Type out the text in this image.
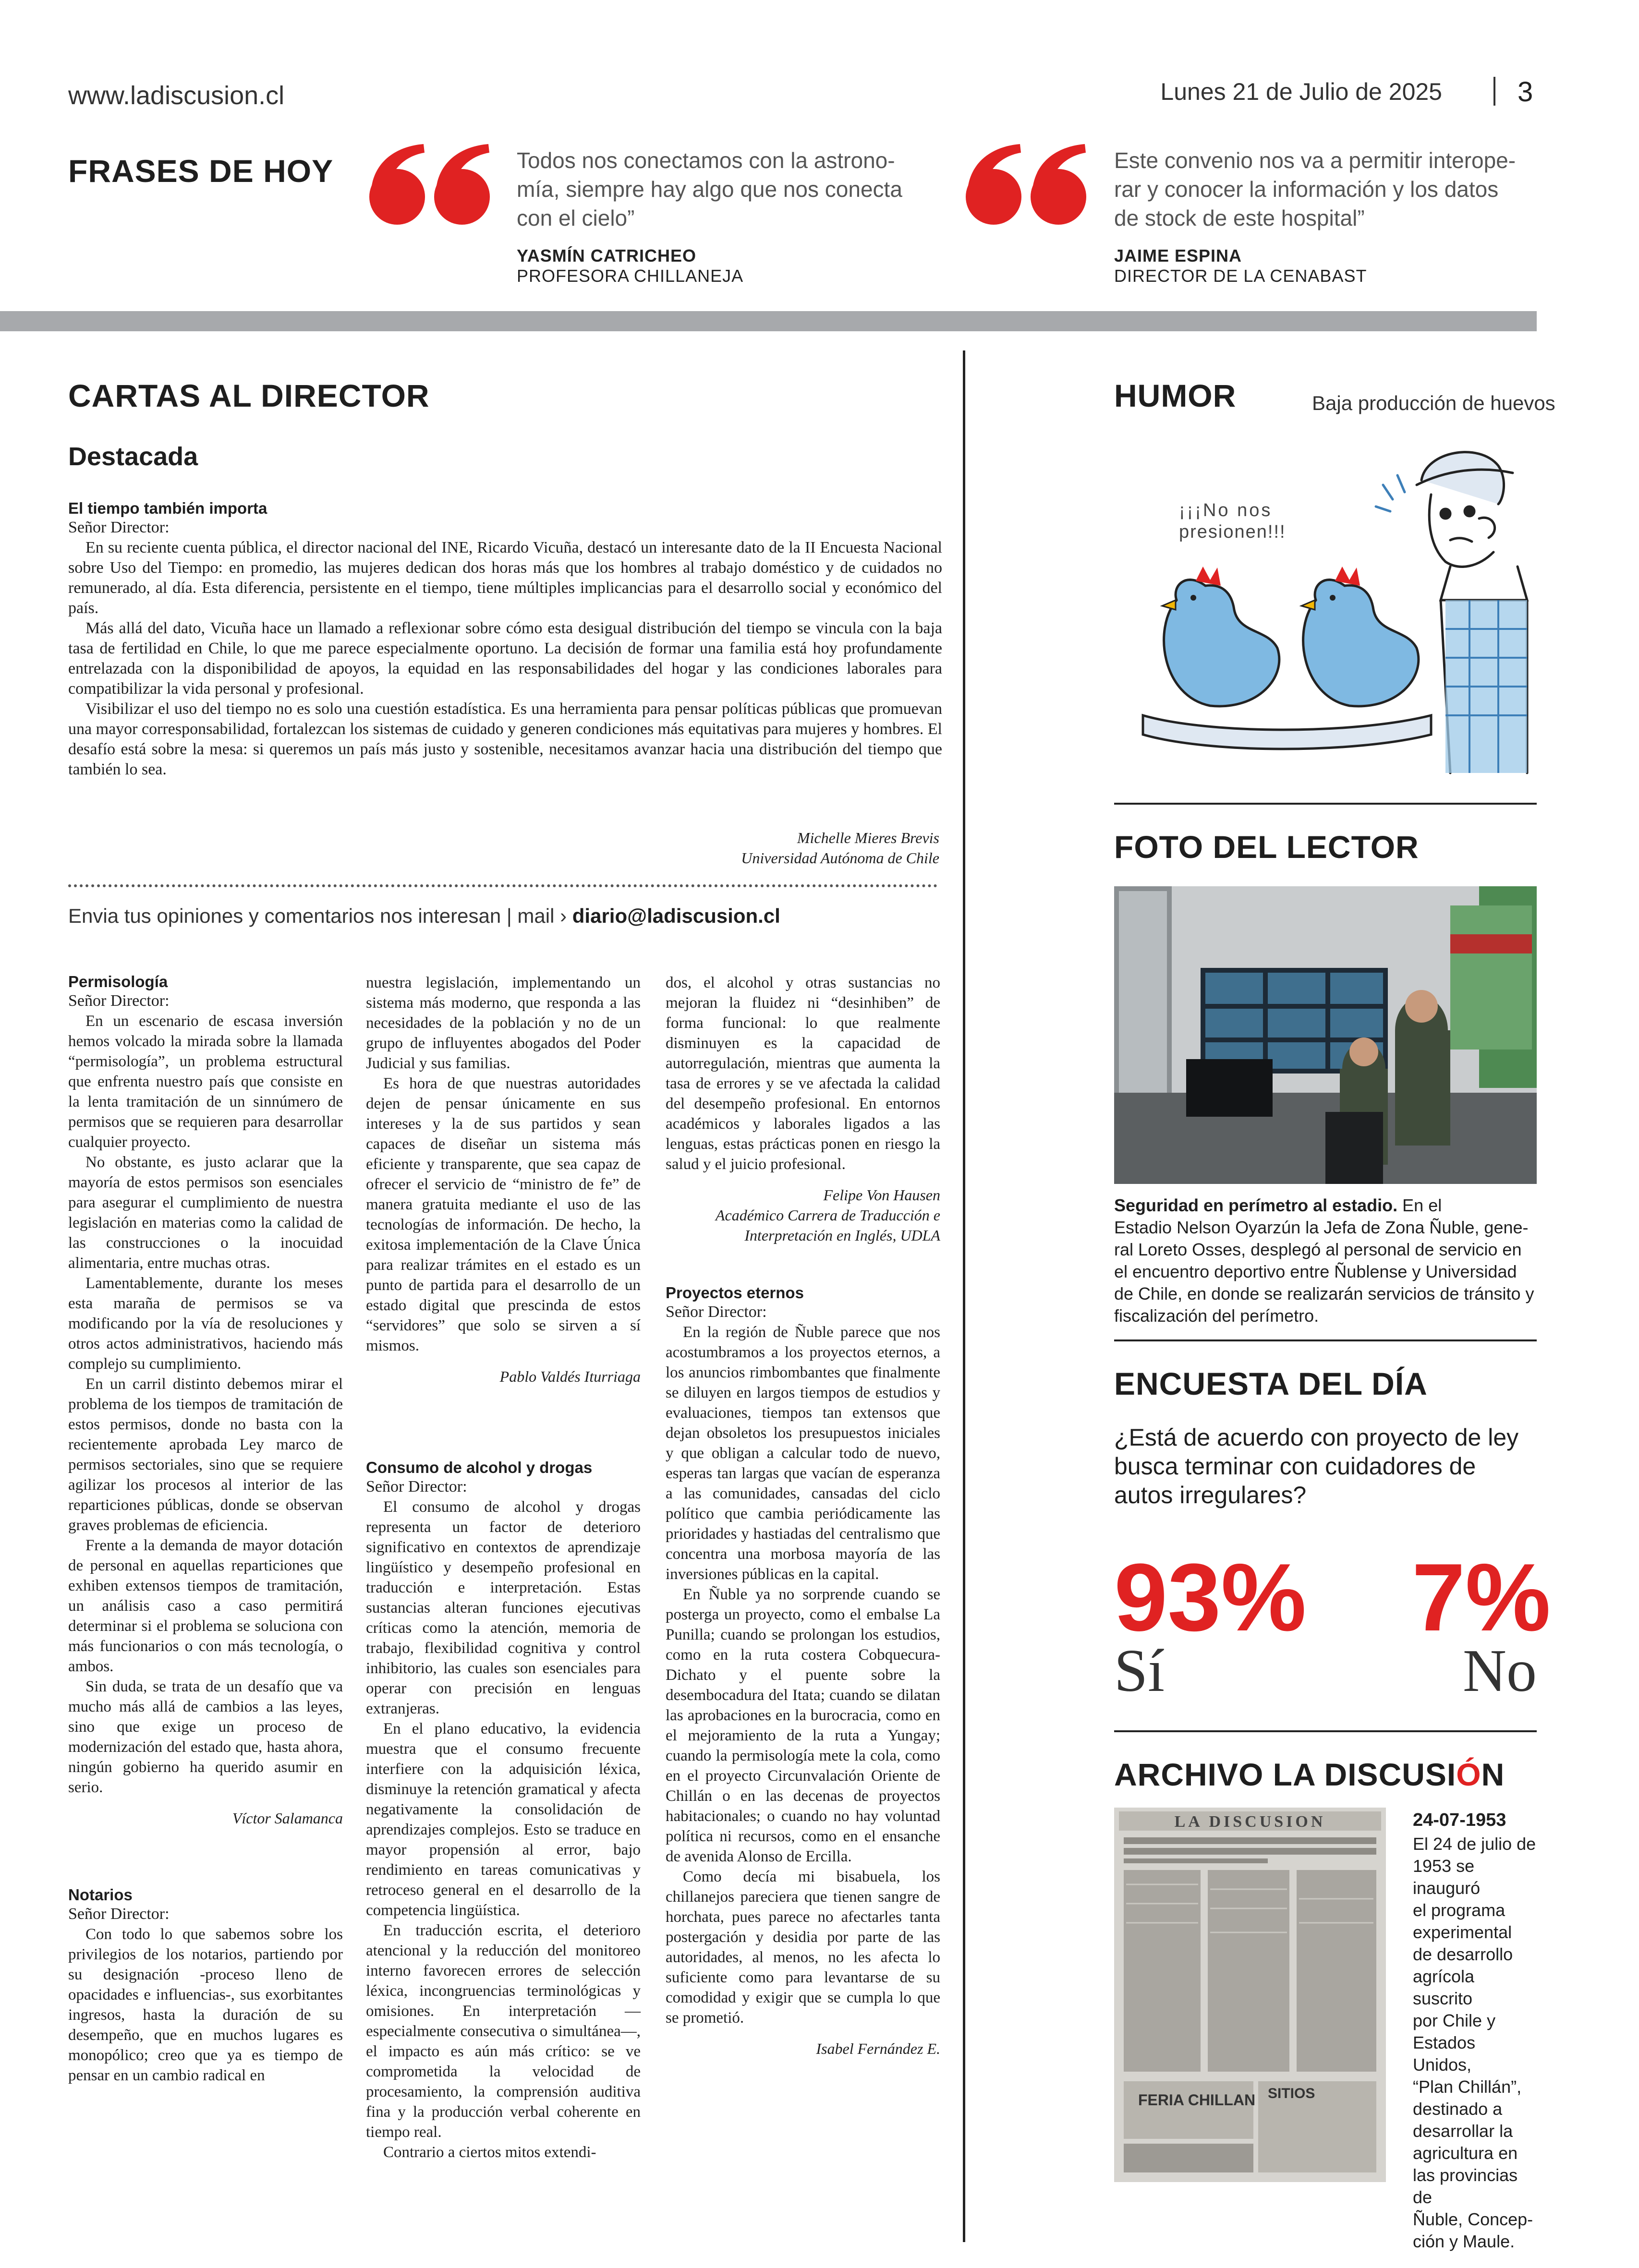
www.ladiscusion.cl	Lunes 21 de Julio de 2025	3
FRASES DE HOY	Todos nos conectamos con la astrono-
mía, siempre hay algo que nos conecta
con el cielo”
YASMÍN CATRICHEO
PROFESORA CHILLANEJA
Este convenio nos va a permitir interope-
rar y conocer la información y los datos
de stock de este hospital”
JAIME ESPINA
DIRECTOR DE LA CENABAST
CARTAS AL DIRECTOR
Destacada
El tiempo también importa
Señor Director:

En su reciente cuenta pública, el director nacional del INE, Ricardo Vicuña, destacó un interesante dato de la II Encuesta Nacional sobre Uso del Tiempo: en promedio, las mujeres dedican dos horas más que los hombres al trabajo doméstico y de cuidados no remunerado, al día. Esta diferencia, persistente en el tiempo, tiene múltiples implicancias para el desarrollo social y económico del país.

Más allá del dato, Vicuña hace un llamado a reflexionar sobre cómo esta desigual distribución del tiempo se vincula con la baja tasa de fertilidad en Chile, lo que me parece especialmente oportuno. La decisión de formar una familia está hoy profundamente entrelazada con la disponibilidad de apoyos, la equidad en las responsabilidades del hogar y las condiciones laborales para compatibilizar la vida personal y profesional.

Visibilizar el uso del tiempo no es solo una cuestión estadística. Es una herramienta para pensar políticas públicas que promuevan una mayor corresponsabilidad, fortalezcan los sistemas de cuidado y generen condiciones más equitativas para mujeres y hombres. El desafío está sobre la mesa: si queremos un país más justo y sostenible, necesitamos avanzar hacia una distribución del tiempo que también lo sea.

Michelle Mieres Brevis
Universidad Autónoma de Chile
Envia tus opiniones y comentarios nos interesan | mail › diario@ladiscusion.cl
Permisología
Señor Director:

En un escenario de escasa inversión hemos volcado la mirada sobre la llamada “permisología”, un problema estructural que enfrenta nuestro país que consiste en la lenta tramitación de un sinnúmero de permisos que se requieren para desarrollar cualquier proyecto.

No obstante, es justo aclarar que la mayoría de estos permisos son esenciales para asegurar el cumplimiento de nuestra legislación en materias como la calidad de las construcciones o la inocuidad alimentaria, entre muchas otras.

Lamentablemente, durante los meses esta maraña de permisos se va modificando por la vía de resoluciones y otros actos administrativos, haciendo más complejo su cumplimiento.

En un carril distinto debemos mirar el problema de los tiempos de tramitación de estos permisos, donde no basta con la recientemente aprobada Ley marco de permisos sectoriales, sino que se requiere agilizar los procesos al interior de las reparticiones públicas, donde se observan graves problemas de eficiencia.

Frente a la demanda de mayor dotación de personal en aquellas reparticiones que exhiben extensos tiempos de tramitación, un análisis caso a caso permitirá determinar si el problema se soluciona con más funcionarios o con más tecnología, o ambos.

Sin duda, se trata de un desafío que va mucho más allá de cambios a las leyes, sino que exige un proceso de modernización del estado que, hasta ahora, ningún gobierno ha querido asumir en serio.

Víctor Salamanca
Notarios
Señor Director:

Con todo lo que sabemos sobre los privilegios de los notarios, partiendo por su designación -proceso lleno de opacidades e influencias-, sus exorbitantes ingresos, hasta la duración de su desempeño, que en muchos lugares es monopólico; creo que ya es tiempo de pensar en un cambio radical en

nuestra legislación, implementando un sistema más moderno, que responda a las necesidades de la población y no de un grupo de influyentes abogados del Poder Judicial y sus familias.

Es hora de que nuestras autoridades dejen de pensar únicamente en sus intereses y la de sus partidos y sean capaces de diseñar un sistema más eficiente y transparente, que sea capaz de ofrecer el servicio de “ministro de fe” de manera gratuita mediante el uso de las tecnologías de información. De hecho, la exitosa implementación de la Clave Única para realizar trámites en el estado es un punto de partida para el desarrollo de un estado digital que prescinda de estos “servidores” que solo se sirven a sí mismos.

Pablo Valdés Iturriaga
Consumo de alcohol y drogas
Señor Director:

El consumo de alcohol y drogas representa un factor de deterioro significativo en contextos de aprendizaje lingüístico y desempeño profesional en traducción e interpretación. Estas sustancias alteran funciones ejecutivas críticas como la atención, memoria de trabajo, flexibilidad cognitiva y control inhibitorio, las cuales son esenciales para operar con precisión en lenguas extranjeras.

En el plano educativo, la evidencia muestra que el consumo frecuente interfiere con la adquisición léxica, disminuye la retención gramatical y afecta negativamente la consolidación de aprendizajes complejos. Esto se traduce en mayor propensión al error, bajo rendimiento en tareas comunicativas y retroceso general en el desarrollo de la competencia lingüística.

En traducción escrita, el deterioro atencional y la reducción del monitoreo interno favorecen errores de selección léxica, incongruencias terminológicas y omisiones. En interpretación —especialmente consecutiva o simultánea—, el impacto es aún más crítico: se ve comprometida la velocidad de procesamiento, la comprensión auditiva fina y la producción verbal coherente en tiempo real.

Contrario a ciertos mitos extendi-

dos, el alcohol y otras sustancias no mejoran la fluidez ni “desinhiben” de forma funcional: lo que realmente disminuyen es la capacidad de autorregulación, mientras que aumenta la tasa de errores y se ve afectada la calidad del desempeño profesional. En entornos académicos y laborales ligados a las lenguas, estas prácticas ponen en riesgo la salud y el juicio profesional.
Felipe Von Hausen
Académico Carrera de Traducción e
Interpretación en Inglés, UDLA
Proyectos eternos
Señor Director:

En la región de Ñuble parece que nos acostumbramos a los proyectos eternos, a los anuncios rimbombantes que finalmente se diluyen en largos tiempos de estudios y evaluaciones, tiempos tan extensos que dejan obsoletos los presupuestos iniciales y que obligan a calcular todo de nuevo, esperas tan largas que vacían de esperanza a las comunidades, cansadas del ciclo político que cambia periódicamente las prioridades y hastiadas del centralismo que concentra una morbosa mayoría de las inversiones públicas en la capital.

En Ñuble ya no sorprende cuando se posterga un proyecto, como el embalse La Punilla; cuando se prolongan los estudios, como en la ruta costera Cobquecura-Dichato y el puente sobre la desembocadura del Itata; cuando se dilatan las aprobaciones en la burocracia, como en el mejoramiento de la ruta a Yungay; cuando la permisología mete la cola, como en el proyecto Circunvalación Oriente de Chillán o en las decenas de proyectos habitacionales; o cuando no hay voluntad política ni recursos, como en el ensanche de avenida Alonso de Ercilla.

Como decía mi bisabuela, los chillanejos pareciera que tienen sangre de horchata, pues parece no afectarles tanta postergación y desidia por parte de las autoridades, al menos, no les afecta lo suficiente como para levantarse de su comodidad y exigir que se cumpla lo que se prometió.

Isabel Fernández E.
HUMOR	Baja producción de huevos
¡¡¡No nos
presionen!!!
FOTO DEL LECTOR
Seguridad en perímetro al estadio. En el
Estadio Nelson Oyarzún la Jefa de Zona Ñuble, gene-
ral Loreto Osses, desplegó al personal de servicio en
el encuentro deportivo entre Ñublense y Universidad
de Chile, en donde se realizarán servicios de tránsito y
fiscalización del perímetro.
ENCUESTA DEL DÍA
¿Está de acuerdo con proyecto de ley
busca terminar con cuidadores de
autos irregulares?
93%
Sí
7%
No
ARCHIVO LA DISCUSIÓN
LA DISCUSION
FERIA CHILLAN SITIOS
24-07-1953
El 24 de julio de
1953 se inauguró
el programa
experimental
de desarrollo
agrícola suscrito
por Chile y
Estados Unidos,
“Plan Chillán”,
destinado a
desarrollar la
agricultura en
las provincias de
Ñuble, Concep-
ción y Maule.
